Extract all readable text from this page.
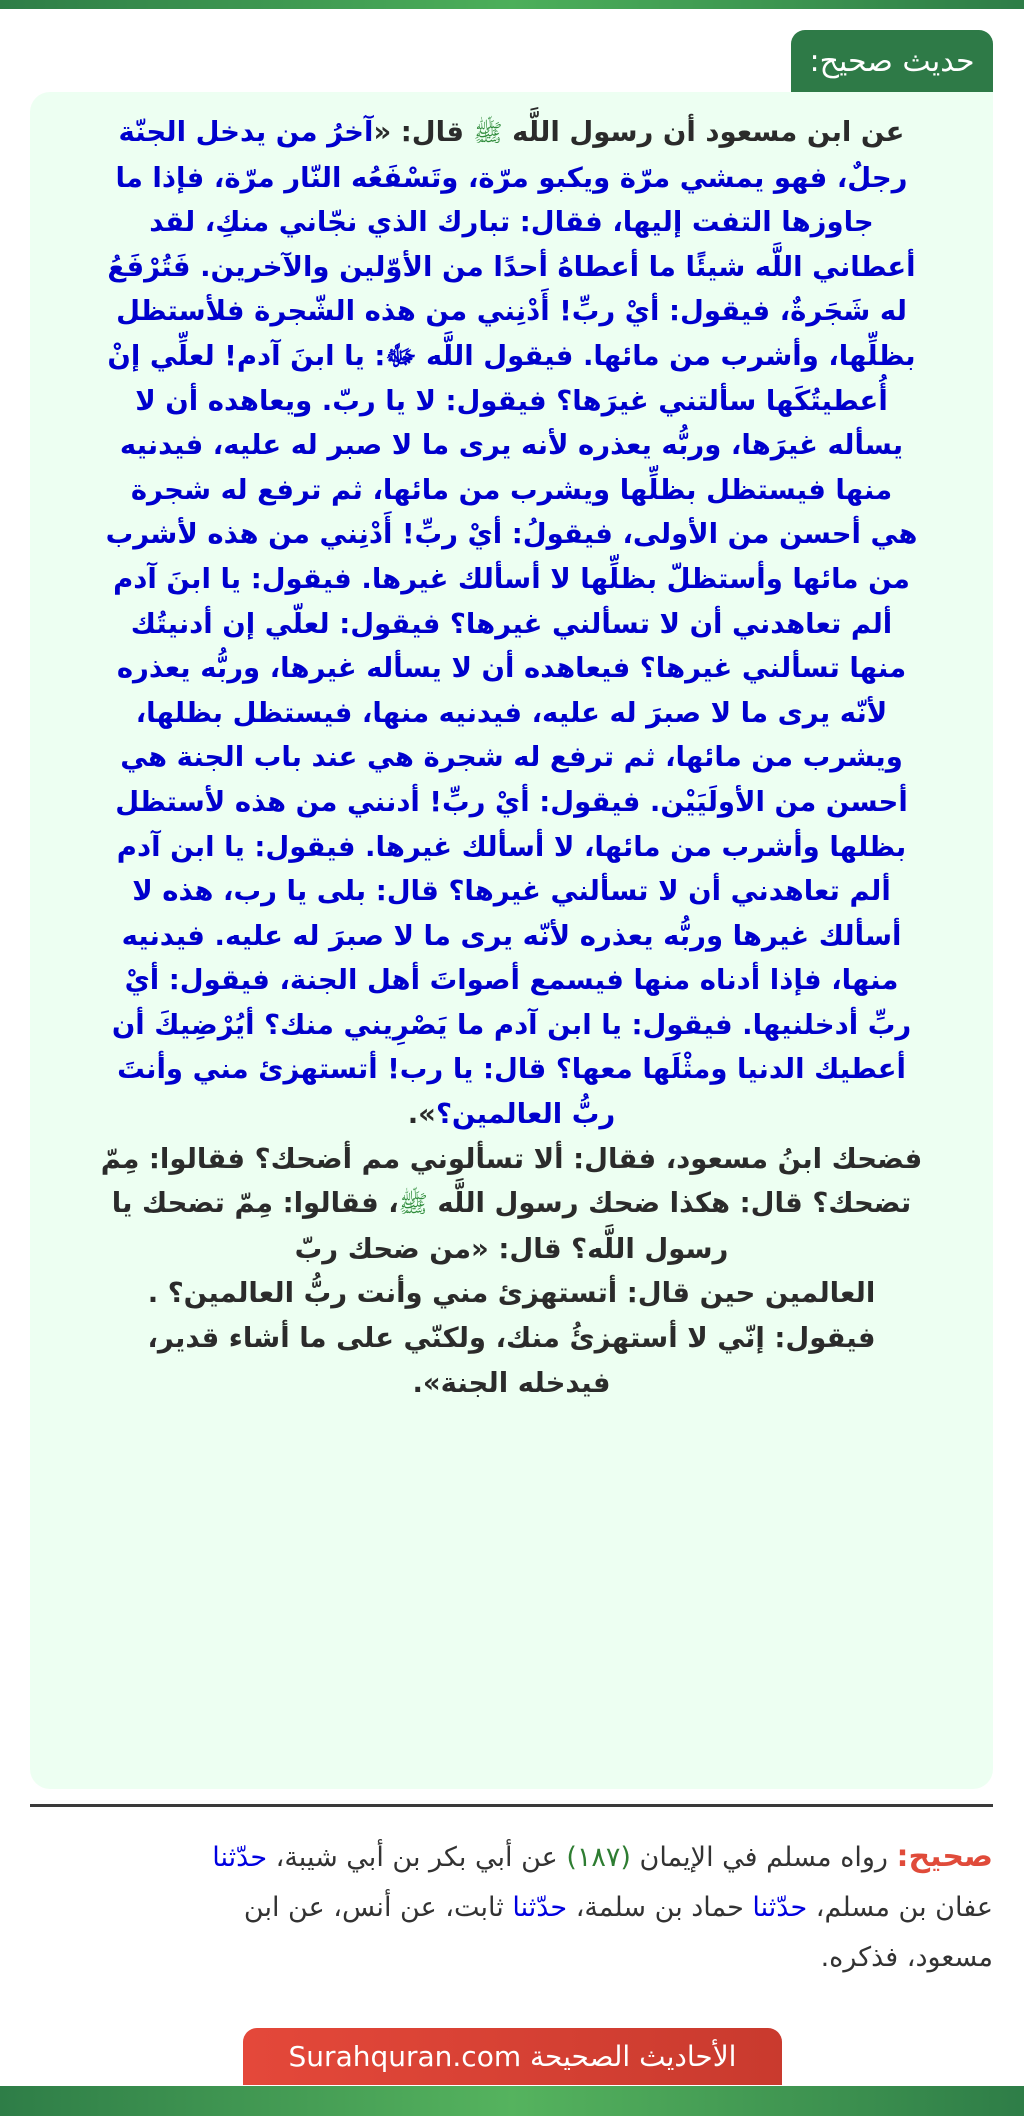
حديث صحيح:
عن ابن مسعود أن رسول اللَّه ﷺ قال: «آخرُ من يدخل الجنّة
رجلٌ، فهو يمشي مرّة ويكبو مرّة، وتَسْفَعُه النّار مرّة، فإذا ما
جاوزها التفت إليها، فقال: تبارك الذي نجّاني منكِ، لقد
أعطاني اللَّه شيئًا ما أعطاهُ أحدًا من الأوّلين والآخرين. فَتُرْفَعُ
له شَجَرةٌ، فيقول: أيْ ربِّ! أَدْنِني من هذه الشّجرة فلأستظل
بظلِّها، وأشرب من مائها. فيقول اللَّه ﷻ: يا ابنَ آدم! لعلِّي إنْ
أُعطيتُكَها سألتني غيرَها؟ فيقول: لا يا ربّ. ويعاهده أن لا
يسأله غيرَها، وربُّه يعذره لأنه يرى ما لا صبر له عليه، فيدنيه
منها فيستظل بظلِّها ويشرب من مائها، ثم ترفع له شجرة
هي أحسن من الأولى، فيقولُ: أيْ ربِّ! أَدْنِني من هذه لأشرب
من مائها وأستظلّ بظلِّها لا أسألك غيرها. فيقول: يا ابنَ آدم
ألم تعاهدني أن لا تسألني غيرها؟ فيقول: لعلّي إن أدنيتُك
منها تسألني غيرها؟ فيعاهده أن لا يسأله غيرها، وربُّه يعذره
لأنّه يرى ما لا صبرَ له عليه، فيدنيه منها، فيستظل بظلها،
ويشرب من مائها، ثم ترفع له شجرة هي عند باب الجنة هي
أحسن من الأولَيَيْن. فيقول: أيْ ربِّ! أدنني من هذه لأستظل
بظلها وأشرب من مائها، لا أسألك غيرها. فيقول: يا ابن آدم
ألم تعاهدني أن لا تسألني غيرها؟ قال: بلى يا رب، هذه لا
أسألك غيرها وربُّه يعذره لأنّه يرى ما لا صبرَ له عليه. فيدنيه
منها، فإذا أدناه منها فيسمع أصواتَ أهل الجنة، فيقول: أيْ
ربِّ أدخلنيها. فيقول: يا ابن آدم ما يَصْرِيني منك؟ أيُرْضِيكَ أن
أعطيك الدنيا ومثْلَها معها؟ قال: يا رب! أتستهزئ مني وأنتَ
ربُّ العالمين؟».
فضحك ابنُ مسعود، فقال: ألا تسألوني مم أضحك؟ فقالوا: مِمّ
تضحك؟ قال: هكذا ضحك رسول اللَّه ﷺ، فقالوا: مِمّ تضحك يا
رسول اللَّه؟ قال: «من ضحك ربّ
العالمين حين قال: أتستهزئ مني وأنت ربُّ العالمين؟ .
فيقول: إنّي لا أستهزئُ منك، ولكنّي على ما أشاء قدير،
فيدخله الجنة».
صحيح: رواه مسلم في الإيمان (١٨٧) عن أبي بكر بن أبي شيبة، حدّثنا
عفان بن مسلم، حدّثنا حماد بن سلمة، حدّثنا ثابت، عن أنس، عن ابن
مسعود، فذكره.
الأحاديث الصحيحة Surahquran.com
